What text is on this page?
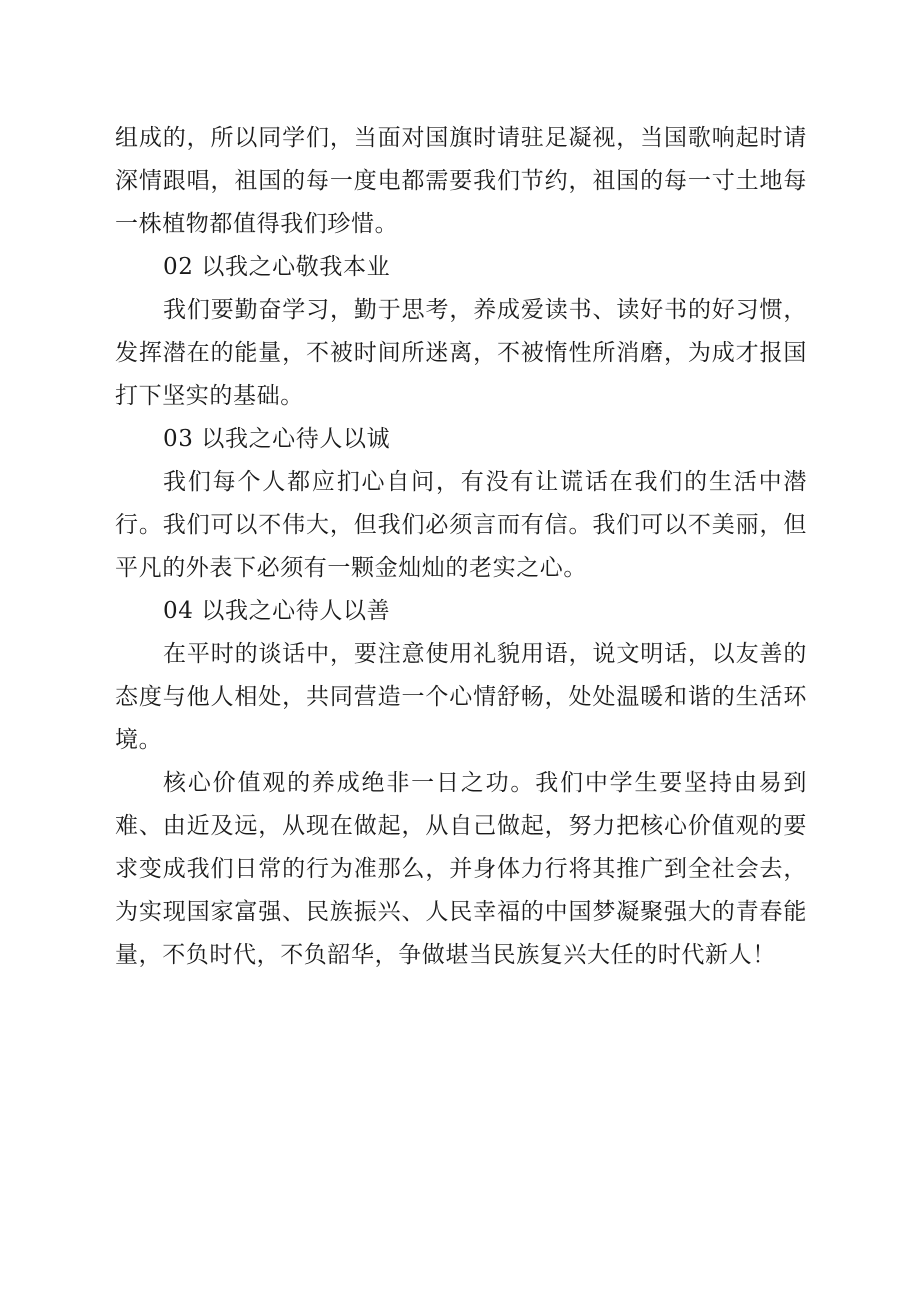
组成的，所以同学们，当面对国旗时请驻足凝视，当国歌响起时请深情跟唱，祖国的每一度电都需要我们节约，祖国的每一寸土地每一株植物都值得我们珍惜。

02 以我之心敬我本业

我们要勤奋学习，勤于思考，养成爱读书、读好书的好习惯，发挥潜在的能量，不被时间所迷离，不被惰性所消磨，为成才报国打下坚实的基础。

03 以我之心待人以诚

我们每个人都应扪心自问，有没有让谎话在我们的生活中潜行。我们可以不伟大，但我们必须言而有信。我们可以不美丽，但平凡的外表下必须有一颗金灿灿的老实之心。

04 以我之心待人以善

在平时的谈话中，要注意使用礼貌用语，说文明话，以友善的态度与他人相处，共同营造一个心情舒畅，处处温暖和谐的生活环境。

核心价值观的养成绝非一日之功。我们中学生要坚持由易到难、由近及远，从现在做起，从自己做起，努力把核心价值观的要求变成我们日常的行为准那么，并身体力行将其推广到全社会去，为实现国家富强、民族振兴、人民幸福的中国梦凝聚强大的青春能量，不负时代，不负韶华，争做堪当民族复兴大任的时代新人！
